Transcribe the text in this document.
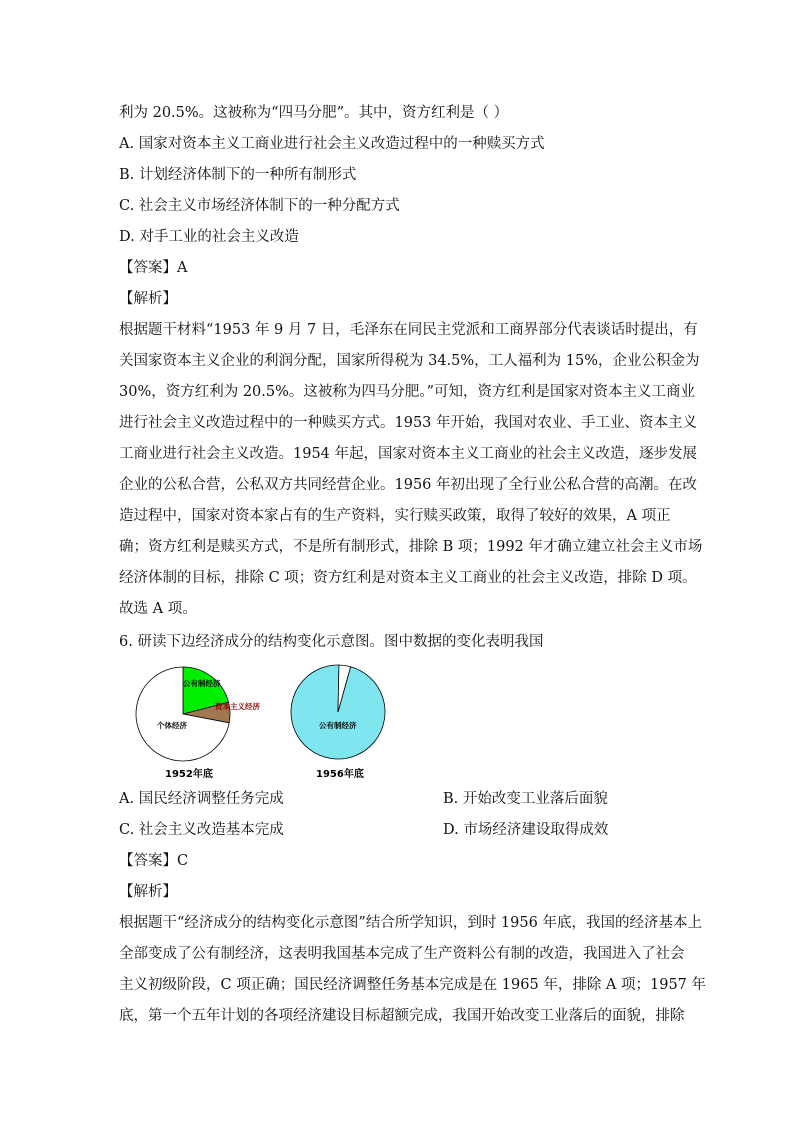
利为 20.5%。这被称为“四马分肥”。其中，资方红利是（ ）
A. 国家对资本主义工商业进行社会主义改造过程中的一种赎买方式
B. 计划经济体制下的一种所有制形式
C. 社会主义市场经济体制下的一种分配方式
D. 对手工业的社会主义改造
【答案】A
【解析】
根据题干材料“1953 年 9 月 7 日，毛泽东在同民主党派和工商界部分代表谈话时提出，有
关国家资本主义企业的利润分配，国家所得税为 34.5%，工人福利为 15%，企业公积金为
30%，资方红利为 20.5%。这被称为四马分肥。”可知，资方红利是国家对资本主义工商业
进行社会主义改造过程中的一种赎买方式。1953 年开始，我国对农业、手工业、资本主义
工商业进行社会主义改造。1954 年起，国家对资本主义工商业的社会主义改造，逐步发展
企业的公私合营，公私双方共同经营企业。1956 年初出现了全行业公私合营的高潮。在改
造过程中，国家对资本家占有的生产资料，实行赎买政策，取得了较好的效果，A 项正
确；资方红利是赎买方式，不是所有制形式，排除 B 项；1992 年才确立建立社会主义市场
经济体制的目标，排除 C 项；资方红利是对资本主义工商业的社会主义改造，排除 D 项。
故选 A 项。
6. 研读下边经济成分的结构变化示意图。图中数据的变化表明我国
公有制经济
资本主义经济
个体经济	公有制经济
1952年底	1956年底
A. 国民经济调整任务完成	B. 开始改变工业落后面貌
C. 社会主义改造基本完成	D. 市场经济建设取得成效
【答案】C
【解析】
根据题干“经济成分的结构变化示意图”结合所学知识，到时 1956 年底，我国的经济基本上
全部变成了公有制经济，这表明我国基本完成了生产资料公有制的改造，我国进入了社会
主义初级阶段，C 项正确；国民经济调整任务基本完成是在 1965 年，排除 A 项；1957 年
底，第一个五年计划的各项经济建设目标超额完成，我国开始改变工业落后的面貌，排除
